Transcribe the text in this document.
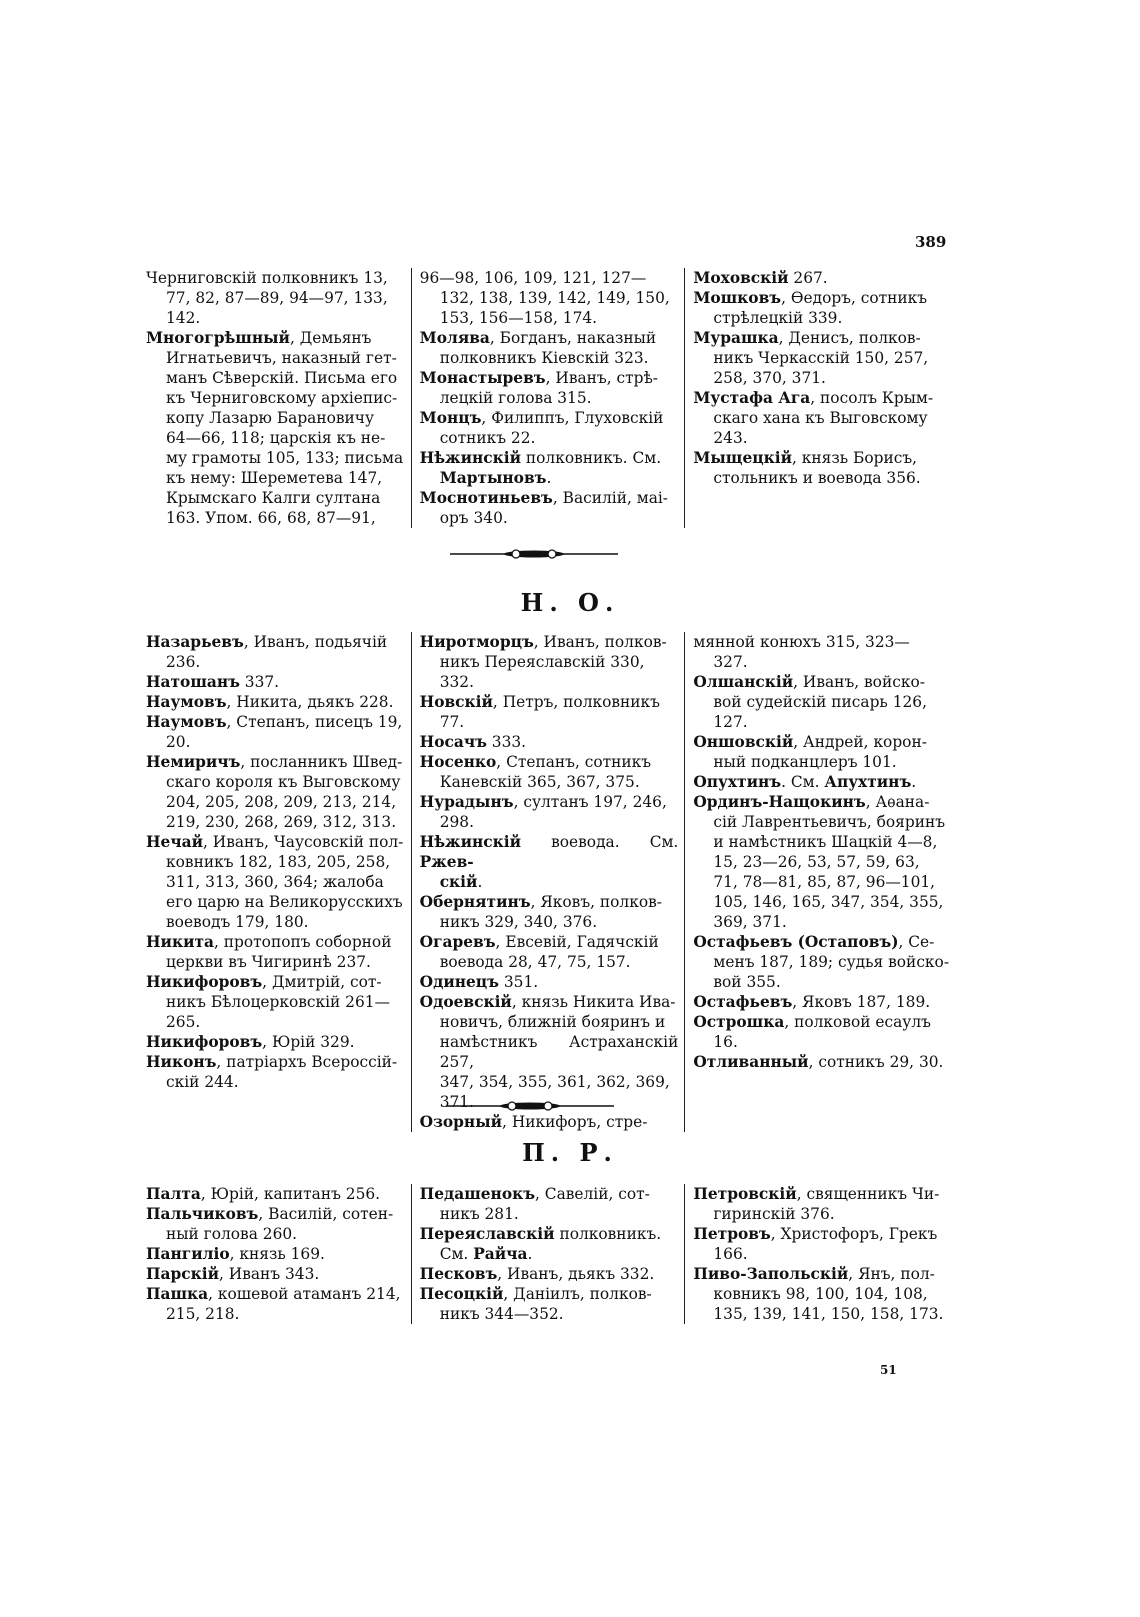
389

Черниговскій полковникъ 13,
77, 82, 87—89, 94—97, 133,
142.

Многогрѣшный, Демьянъ
Игнатьевичъ, наказный гет-
манъ Сѣверскій. Письма его
къ Черниговскому архіепис-
копу Лазарю Барановичу
64—66, 118; царскія къ не-
му грамоты 105, 133; письма
къ нему: Шереметева 147,
Крымскаго Калги султана
163. Упом. 66, 68, 87—91,

96—98, 106, 109, 121, 127—
132, 138, 139, 142, 149, 150,
153, 156—158, 174.

Молява, Богданъ, наказный
полковникъ Кіевскій 323.

Монастыревъ, Иванъ, стрѣ-
лецкій голова 315.

Монцъ, Филиппъ, Глуховскій
сотникъ 22.

Нѣжинскій полковникъ. См.
Мартыновъ.

Моснотиньевъ, Василій, маі-
оръ 340.

Моховскій 267.

Мошковъ, Ѳедоръ, сотникъ
стрѣлецкій 339.

Мурашка, Денисъ, полков-
никъ Черкасскій 150, 257,
258, 370, 371.

Мустафа Ага, посолъ Крым-
скаго хана къ Выговскому
243.

Мыщецкій, князь Борисъ,
стольникъ и воевода 356.

Н. О.

Назарьевъ, Иванъ, подьячій
236.

Натошанъ 337.

Наумовъ, Никита, дьякъ 228.

Наумовъ, Степанъ, писецъ 19,
20.

Немиричъ, посланникъ Швед-
скаго короля къ Выговскому
204, 205, 208, 209, 213, 214,
219, 230, 268, 269, 312, 313.

Нечай, Иванъ, Чаусовскій пол-
ковникъ 182, 183, 205, 258,
311, 313, 360, 364; жалоба
его царю на Великорусскихъ
воеводъ 179, 180.

Никита, протопопъ соборной
церкви въ Чигиринѣ 237.

Никифоровъ, Дмитрій, сот-
никъ Бѣлоцерковскій 261—
265.

Никифоровъ, Юрій 329.

Никонъ, патріархъ Всероссій-
скій 244.

Ниротморцъ, Иванъ, полков-
никъ Переяславскій 330,
332.

Новскій, Петръ, полковникъ
77.

Носачъ 333.

Носенко, Степанъ, сотникъ
Каневскій 365, 367, 375.

Нурадынъ, султанъ 197, 246,
298.

Нѣжинскій воевода. См. Ржев-
скій.

Обернятинъ, Яковъ, полков-
никъ 329, 340, 376.

Огаревъ, Евсевій, Гадячскій
воевода 28, 47, 75, 157.

Одинецъ 351.

Одоевскій, князь Никита Ива-
новичъ, ближній бояринъ и
намѣстникъ Астраханскій 257,
347, 354, 355, 361, 362, 369,
371.

Озорный, Никифоръ, стре-

мянной конюхъ 315, 323—
327.

Олшанскій, Иванъ, войско-
вой судейскій писарь 126,
127.

Оншовскій, Андрей, корон-
ный подканцлеръ 101.

Опухтинъ. См. Апухтинъ.

Ординъ-Нащокинъ, Аѳана-
сій Лаврентьевичъ, бояринъ
и намѣстникъ Шацкій 4—8,
15, 23—26, 53, 57, 59, 63,
71, 78—81, 85, 87, 96—101,
105, 146, 165, 347, 354, 355,
369, 371.

Остафьевъ (Остаповъ), Се-
менъ 187, 189; судья войско-
вой 355.

Остафьевъ, Яковъ 187, 189.

Острошка, полковой есаулъ
16.

Отливанный, сотникъ 29, 30.

П. Р.

Палта, Юрій, капитанъ 256.

Пальчиковъ, Василій, сотен-
ный голова 260.

Пангиліо, князь 169.

Парскій, Иванъ 343.

Пашка, кошевой атаманъ 214,
215, 218.

Педашенокъ, Савелій, сот-
никъ 281.

Переяславскій полковникъ.
См. Райча.

Песковъ, Иванъ, дьякъ 332.

Песоцкій, Даніилъ, полков-
никъ 344—352.

Петровскій, священникъ Чи-
гиринскій 376.

Петровъ, Христофоръ, Грекъ
166.

Пиво-Запольскій, Янъ, пол-
ковникъ 98, 100, 104, 108,
135, 139, 141, 150, 158, 173.

51
